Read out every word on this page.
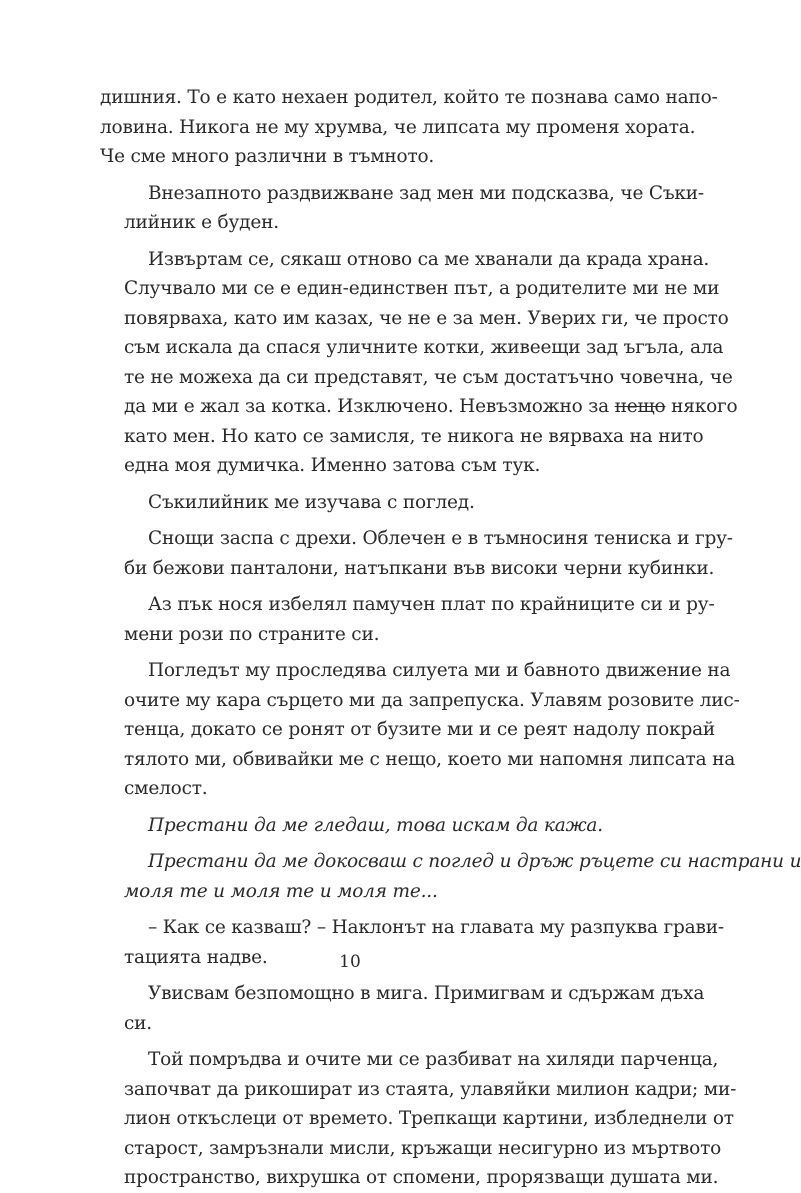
дишния. То е като нехаен родител, който те познава само напо-
ловина. Никога не му хрумва, че липсата му променя хората.
Че сме много различни в тъмното.

Внезапното раздвижване зад мен ми подсказва, че Съки-
лийник е буден.

Извъртам се, сякаш отново са ме хванали да крада храна.
Случвало ми се е един-единствен път, а родителите ми не ми
повярваха, като им казах, че не е за мен. Уверих ги, че просто
съм искала да спася уличните котки, живеещи зад ъгъла, ала
те не можеха да си представят, че съм достатъчно човечна, че
да ми е жал за котка. Изключено. Невъзможно за нещо някого
като мен. Но като се замисля, те никога не вярваха на нито
една моя думичка. Именно затова съм тук.

Съкилийник ме изучава с поглед.

Снощи заспа с дрехи. Облечен е в тъмносиня тениска и гру-
би бежови панталони, натъпкани във високи черни кубинки.

Аз пък нося избелял памучен плат по крайниците си и ру-
мени рози по страните си.

Погледът му проследява силуета ми и бавното движение на
очите му кара сърцето ми да запрепуска. Улавям розовите лис-
тенца, докато се ронят от бузите ми и се реят надолу покрай
тялото ми, обвивайки ме с нещо, което ми напомня липсата на
смелост.

Престани да ме гледаш, това искам да кажа.

Престани да ме докосваш с поглед и дръж ръцете си настрани и
моля те и моля те и моля те...

– Как се казваш? – Наклонът на главата му разпуква грави-
тацията надве.

Увисвам безпомощно в мига. Примигвам и сдържам дъха
си.

Той помръдва и очите ми се разбиват на хиляди парченца,
започват да рикошират из стаята, улавяйки милион кадри; ми-
лион откъслеци от времето. Трепкащи картини, избледнели от
старост, замръзнали мисли, кръжащи несигурно из мъртвото
пространство, вихрушка от спомени, прорязващи душата ми.

10
